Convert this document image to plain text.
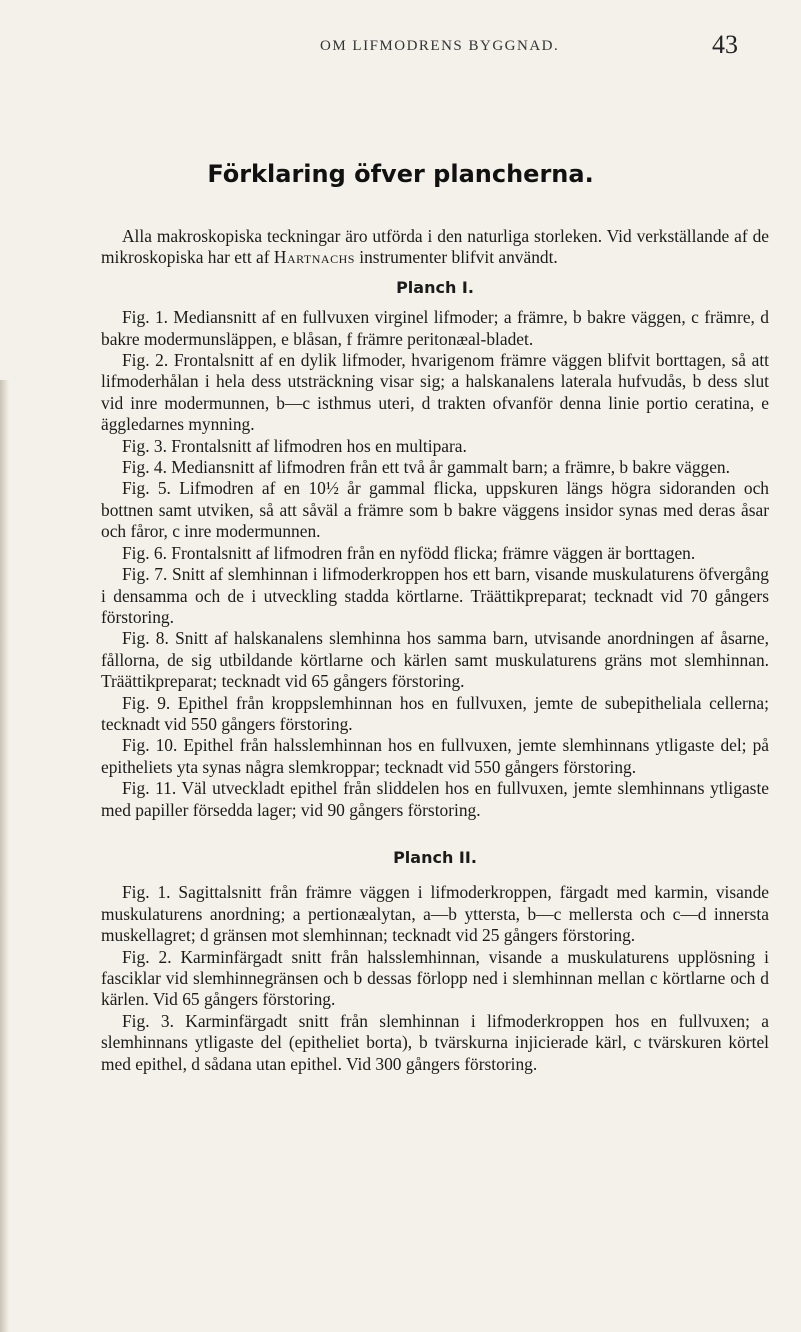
OM LIFMODRENS BYGGNAD.	43
Förklaring öfver plancherna.

Alla makroskopiska teckningar äro utförda i den naturliga storleken. Vid verkställande af de mikroskopiska har ett af Hartnachs instrumenter blifvit användt.

Planch I.

Fig. 1. Mediansnitt af en fullvuxen virginel lifmoder; a främre, b bakre väggen, c främre, d bakre modermunsläppen, e blåsan, f främre peritonæal-bladet.

Fig. 2. Frontalsnitt af en dylik lifmoder, hvarigenom främre väggen blifvit borttagen, så att lifmoderhålan i hela dess utsträckning visar sig; a halskanalens laterala hufvudås, b dess slut vid inre modermunnen, b—c isthmus uteri, d trakten ofvanför denna linie portio ceratina, e äggledarnes mynning.

Fig. 3. Frontalsnitt af lifmodren hos en multipara.

Fig. 4. Mediansnitt af lifmodren från ett två år gammalt barn; a främre, b bakre väggen.

Fig. 5. Lifmodren af en 10½ år gammal flicka, uppskuren längs högra sidoranden och bottnen samt utviken, så att såväl a främre som b bakre väggens insidor synas med deras åsar och fåror, c inre modermunnen.

Fig. 6. Frontalsnitt af lifmodren från en nyfödd flicka; främre väggen är borttagen.

Fig. 7. Snitt af slemhinnan i lifmoderkroppen hos ett barn, visande muskulaturens öfvergång i densamma och de i utveckling stadda körtlarne. Träättikpreparat; tecknadt vid 70 gångers förstoring.

Fig. 8. Snitt af halskanalens slemhinna hos samma barn, utvisande anordningen af åsarne, fållorna, de sig utbildande körtlarne och kärlen samt muskulaturens gräns mot slemhinnan. Träättikpreparat; tecknadt vid 65 gångers förstoring.

Fig. 9. Epithel från kroppslemhinnan hos en fullvuxen, jemte de subepitheliala cellerna; tecknadt vid 550 gångers förstoring.

Fig. 10. Epithel från halsslemhinnan hos en fullvuxen, jemte slemhinnans ytligaste del; på epitheliets yta synas några slemkroppar; tecknadt vid 550 gångers förstoring.

Fig. 11. Väl utveckladt epithel från sliddelen hos en fullvuxen, jemte slemhinnans ytligaste med papiller försedda lager; vid 90 gångers förstoring.

Planch II.

Fig. 1. Sagittalsnitt från främre väggen i lifmoderkroppen, färgadt med karmin, visande muskulaturens anordning; a pertionæalytan, a—b yttersta, b—c mellersta och c—d innersta muskellagret; d gränsen mot slemhinnan; tecknadt vid 25 gångers förstoring.

Fig. 2. Karminfärgadt snitt från halsslemhinnan, visande a muskulaturens upplösning i fasciklar vid slemhinnegränsen och b dessas förlopp ned i slemhinnan mellan c körtlarne och d kärlen. Vid 65 gångers förstoring.

Fig. 3. Karminfärgadt snitt från slemhinnan i lifmoderkroppen hos en fullvuxen; a slemhinnans ytligaste del (epitheliet borta), b tvärskurna injicierade kärl, c tvärskuren körtel med epithel, d sådana utan epithel. Vid 300 gångers förstoring.
